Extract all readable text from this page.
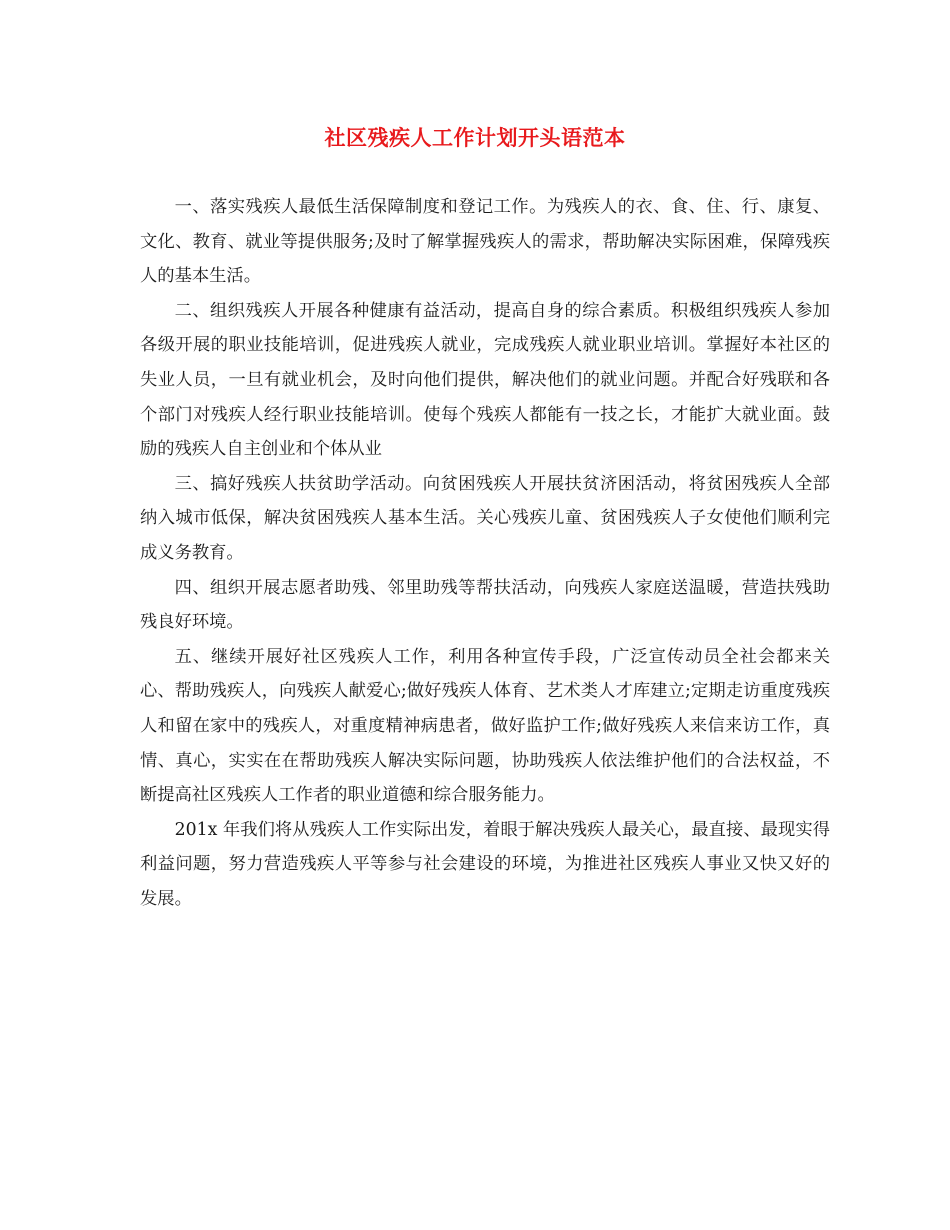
社区残疾人工作计划开头语范本

一、落实残疾人最低生活保障制度和登记工作。为残疾人的衣、食、住、行、康复、文化、教育、就业等提供服务;及时了解掌握残疾人的需求，帮助解决实际困难，保障残疾人的基本生活。

二、组织残疾人开展各种健康有益活动，提高自身的综合素质。积极组织残疾人参加各级开展的职业技能培训，促进残疾人就业，完成残疾人就业职业培训。掌握好本社区的失业人员，一旦有就业机会，及时向他们提供，解决他们的就业问题。并配合好残联和各个部门对残疾人经行职业技能培训。使每个残疾人都能有一技之长，才能扩大就业面。鼓励的残疾人自主创业和个体从业

三、搞好残疾人扶贫助学活动。向贫困残疾人开展扶贫济困活动，将贫困残疾人全部纳入城市低保，解决贫困残疾人基本生活。关心残疾儿童、贫困残疾人子女使他们顺利完成义务教育。

四、组织开展志愿者助残、邻里助残等帮扶活动，向残疾人家庭送温暖，营造扶残助残良好环境。

五、继续开展好社区残疾人工作，利用各种宣传手段，广泛宣传动员全社会都来关心、帮助残疾人，向残疾人献爱心;做好残疾人体育、艺术类人才库建立;定期走访重度残疾人和留在家中的残疾人，对重度精神病患者，做好监护工作;做好残疾人来信来访工作，真情、真心，实实在在帮助残疾人解决实际问题，协助残疾人依法维护他们的合法权益，不断提高社区残疾人工作者的职业道德和综合服务能力。

201x 年我们将从残疾人工作实际出发，着眼于解决残疾人最关心，最直接、最现实得利益问题，努力营造残疾人平等参与社会建设的环境，为推进社区残疾人事业又快又好的发展。
